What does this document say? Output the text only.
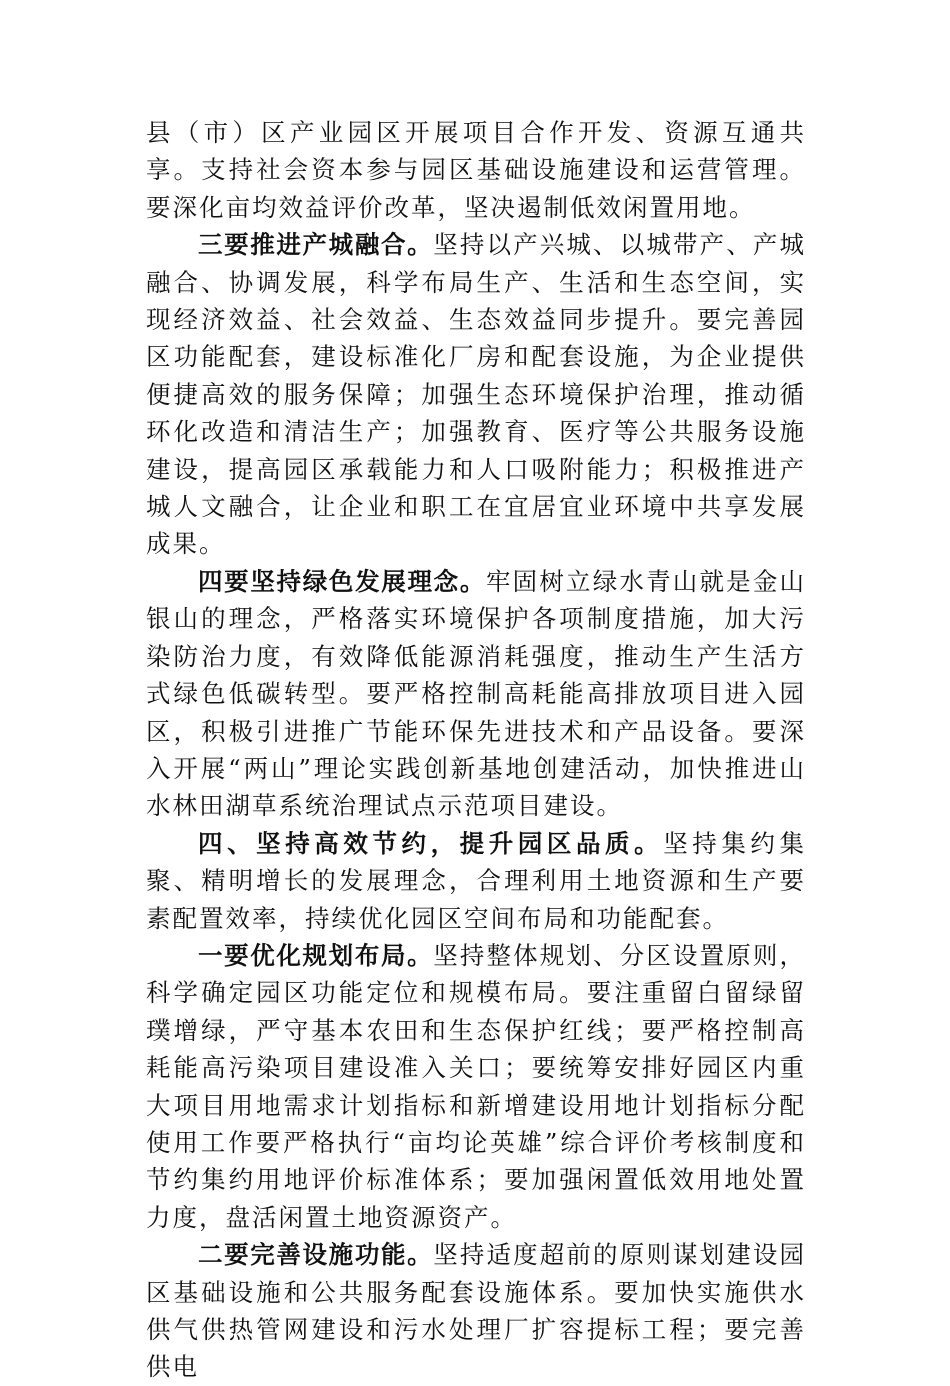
县（市）区产业园区开展项目合作开发、资源互通共享。支持社会资本参与园区基础设施建设和运营管理。要深化亩均效益评价改革，坚决遏制低效闲置用地。

三要推进产城融合。坚持以产兴城、以城带产、产城融合、协调发展，科学布局生产、生活和生态空间，实现经济效益、社会效益、生态效益同步提升。要完善园区功能配套，建设标准化厂房和配套设施，为企业提供便捷高效的服务保障；加强生态环境保护治理，推动循环化改造和清洁生产；加强教育、医疗等公共服务设施建设，提高园区承载能力和人口吸附能力；积极推进产城人文融合，让企业和职工在宜居宜业环境中共享发展成果。

四要坚持绿色发展理念。牢固树立绿水青山就是金山银山的理念，严格落实环境保护各项制度措施，加大污染防治力度，有效降低能源消耗强度，推动生产生活方式绿色低碳转型。要严格控制高耗能高排放项目进入园区，积极引进推广节能环保先进技术和产品设备。要深入开展“两山”理论实践创新基地创建活动，加快推进山水林田湖草系统治理试点示范项目建设。

四、坚持高效节约，提升园区品质。坚持集约集聚、精明增长的发展理念，合理利用土地资源和生产要素配置效率，持续优化园区空间布局和功能配套。

一要优化规划布局。坚持整体规划、分区设置原则，科学确定园区功能定位和规模布局。要注重留白留绿留璞增绿，严守基本农田和生态保护红线；要严格控制高耗能高污染项目建设准入关口；要统筹安排好园区内重大项目用地需求计划指标和新增建设用地计划指标分配使用工作要严格执行“亩均论英雄”综合评价考核制度和节约集约用地评价标准体系；要加强闲置低效用地处置力度，盘活闲置土地资源资产。

二要完善设施功能。坚持适度超前的原则谋划建设园区基础设施和公共服务配套设施体系。要加快实施供水供气供热管网建设和污水处理厂扩容提标工程；要完善供电
